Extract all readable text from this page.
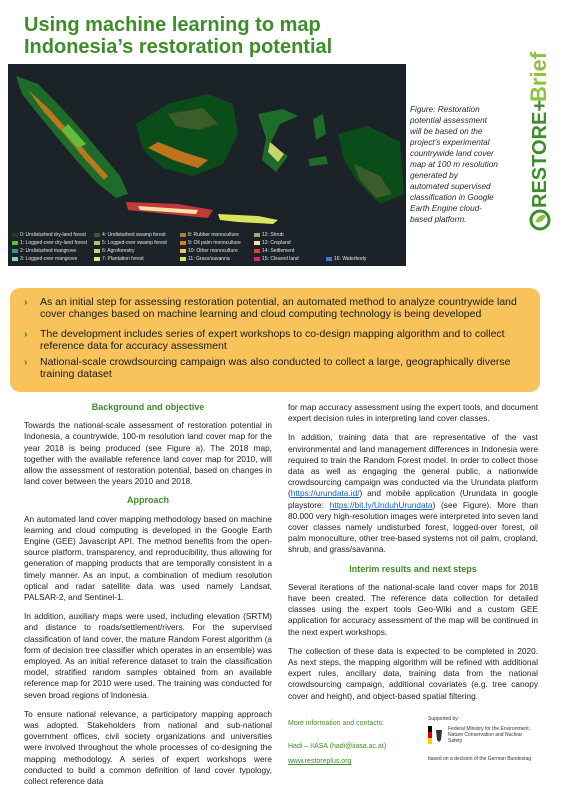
Using machine learning to map Indonesia’s restoration potential
0: Undisturbed dry-land forest
1: Logged-over dry-land forest
2: Undisturbed mangrove
3: Logged-over mangrove
4: Undisturbed swamp forest
5: Logged-over swamp forest
6: Agroforestry
7: Plantation forest
8: Rubber monoculture
9: Oil palm monoculture
10: Other monoculture
11: Grass/savanna
12: Shrub
13: Cropland
14: Settlement
15: Cleared land	16: Waterbody
Figure: Restoration potential assessment will be based on the project’s experimental countrywide land cover map at 100 m resolution generated by automated supervised classification in Google Earth Engine cloud-based platform.
RESTORE+
Brief
› As an initial step for assessing restoration potential, an automated method to analyze countrywide land cover changes based on machine learning and cloud computing technology is being developed
› The development includes series of expert workshops to co-design mapping algorithm and to collect reference data for accuracy assessment
› National-scale crowdsourcing campaign was also conducted to collect a large, geographically diverse training dataset
Background and objective

Towards the national-scale assessment of restoration potential in Indonesia, a countrywide, 100-m resolution land cover map for the year 2018 is being produced (see Figure a). The 2018 map, together with the available reference land cover map for 2010, will allow the assessment of restoration potential, based on changes in land cover between the years 2010 and 2018.

Approach

An automated land cover mapping methodology based on machine learning and cloud computing is developed in the Google Earth Engine (GEE) Javascript API. The method benefits from the open-source platform, transparency, and reproducibility, thus allowing for generation of mapping products that are temporally consistent in a timely manner. As an input, a combination of medium resolution optical and radar satellite data was used namely Landsat, PALSAR-2, and Sentinel-1.

In addition, auxiliary maps were used, including elevation (SRTM) and distance to roads/settlement/rivers. For the supervised classification of land cover, the mature Random Forest algorithm (a form of decision tree classifier which operates in an ensemble) was employed. As an initial reference dataset to train the classification model, stratified random samples obtained from an available reference map for 2010 were used. The training was conducted for seven broad regions of Indonesia.

To ensure national relevance, a participatory mapping approach was adopted. Stakeholders from national and sub-national government offices, civil society organizations and universities were involved throughout the whole processes of co-designing the mapping methodology. A series of expert workshops were conducted to build a common definition of land cover typology, collect reference data

for map accuracy assessment using the expert tools, and document expert decision rules in interpreting land cover classes.

In addition, training data that are representative of the vast environmental and land management differences in Indonesia were required to train the Random Forest model. In order to collect those data as well as engaging the general public, a nationwide crowdsourcing campaign was conducted via the Urundata platform (https://urundata.id/) and mobile application (Urundata in google playstore: https://bit.ly/UnduhUrundata) (see Figure). More than 80.000 very high-resolution images were interpreted into seven land cover classes namely undisturbed forest, logged-over forest, oil palm monoculture, other tree-based systems not oil palm, cropland, shrub, and grass/savanna.

Interim results and next steps

Several iterations of the national-scale land cover maps for 2018 have been created. The reference data collection for detailed classes using the expert tools Geo-Wiki and a custom GEE application for accuracy assessment of the map will be continued in the next expert workshops.

The collection of these data is expected to be completed in 2020. As next steps, the mapping algorithm will be refined with additional expert rules, ancillary data, training data from the national crowdsourcing campaign, additional covariates (e.g. tree canopy cover and height), and object-based spatial filtering.

More information and contacts:
Hadi – IIASA (hadi@iiasa.ac.at)
www.restoreplus.org
Supported by:
Federal Ministry for the Environment, Nature Conservation and Nuclear Safety
based on a decision of the German Bundestag
